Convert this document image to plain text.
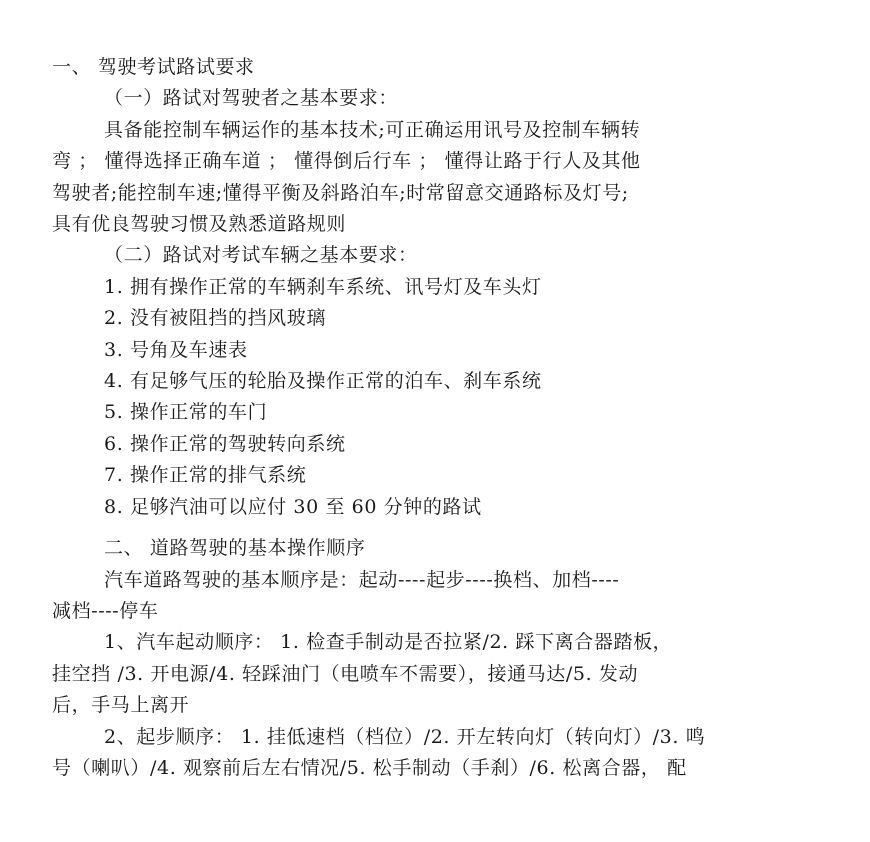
一、 驾驶考试路试要求
（一）路试对驾驶者之基本要求：
具备能控制车辆运作的基本技术;可正确运用讯号及控制车辆转
弯 ； 懂得选择正确车道 ； 懂得倒后行车 ； 懂得让路于行人及其他
驾驶者;能控制车速;懂得平衡及斜路泊车;时常留意交通路标及灯号;
具有优良驾驶习惯及熟悉道路规则
（二）路试对考试车辆之基本要求：
1. 拥有操作正常的车辆刹车系统、讯号灯及车头灯
2. 没有被阻挡的挡风玻璃
3. 号角及车速表
4. 有足够气压的轮胎及操作正常的泊车、刹车系统
5. 操作正常的车门
6. 操作正常的驾驶转向系统
7. 操作正常的排气系统
8. 足够汽油可以应付 30 至 60 分钟的路试
二、 道路驾驶的基本操作顺序
汽车道路驾驶的基本顺序是：起动----起步----换档、加档----
减档----停车
1、汽车起动顺序： 1. 检查手制动是否拉紧/2. 踩下离合器踏板，
挂空挡 /3. 开电源/4. 轻踩油门（电喷车不需要），接通马达/5. 发动
后，手马上离开
2、起步顺序： 1. 挂低速档（档位）/2. 开左转向灯（转向灯）/3. 鸣
号（喇叭）/4. 观察前后左右情况/5. 松手制动（手刹）/6. 松离合器， 配
